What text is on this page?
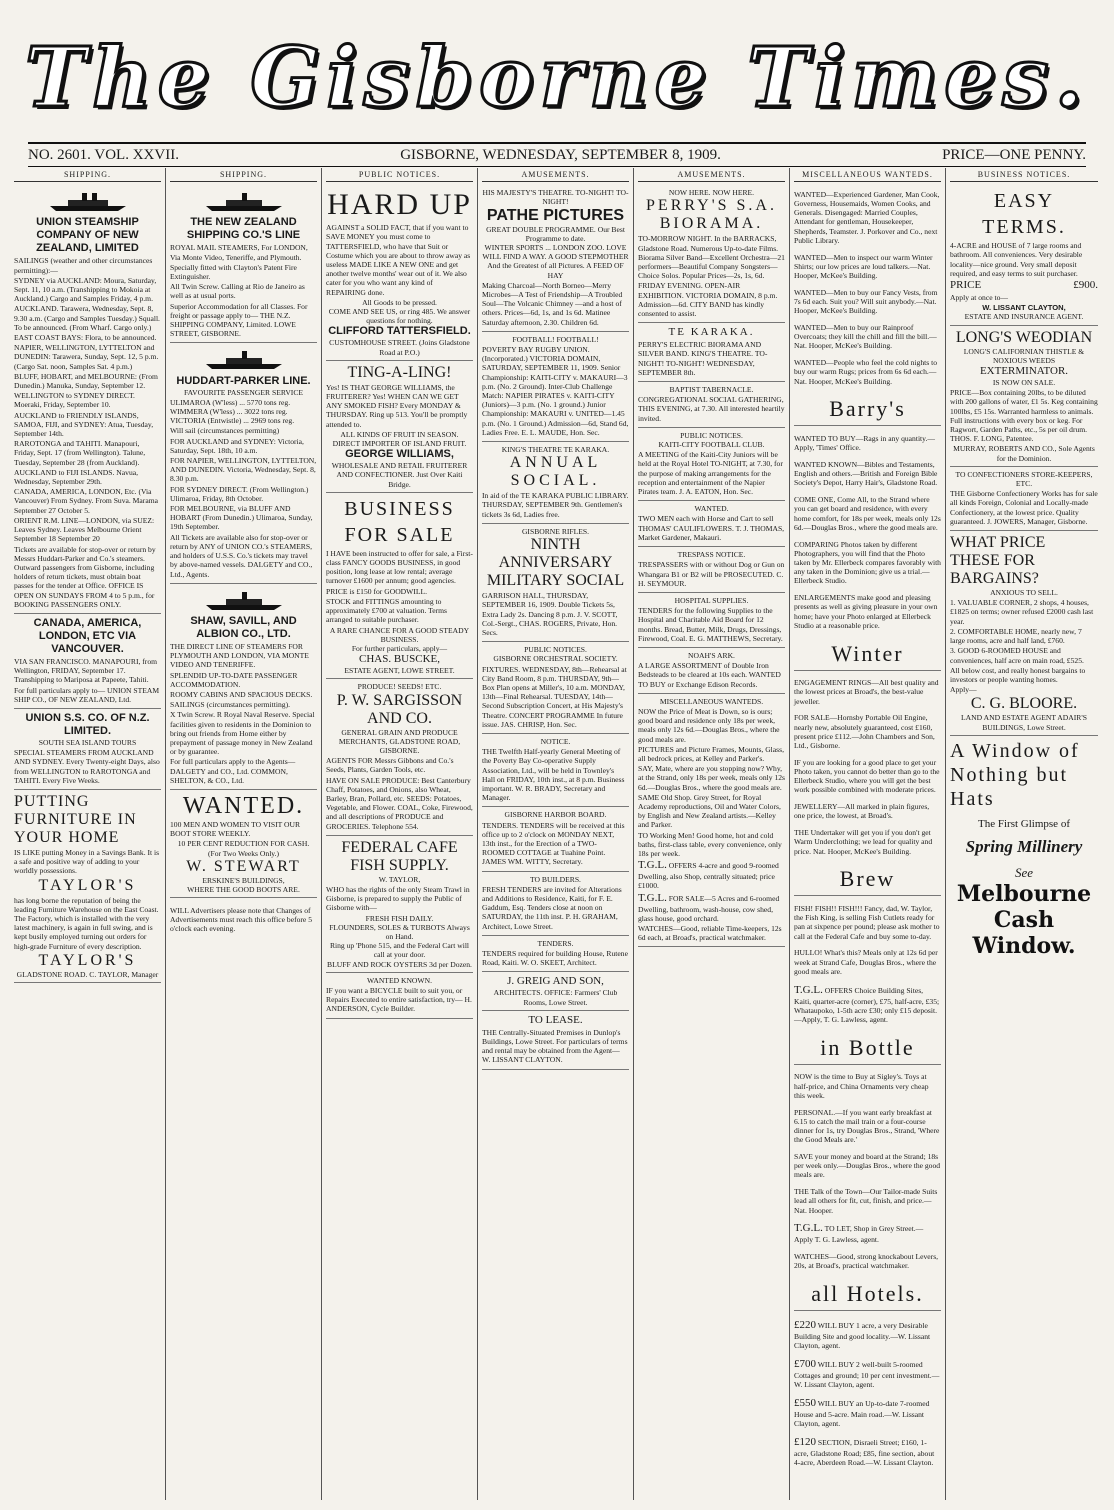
The Gisborne Times.
NO. 2601. VOL. XXVII.	GISBORNE, WEDNESDAY, SEPTEMBER 8, 1909.	PRICE—ONE PENNY.
SHIPPING.
UNION STEAMSHIP COMPANY OF NEW ZEALAND, LIMITED

SAILINGS (weather and other circumstances permitting):—

SYDNEY via AUCKLAND: Moura, Saturday, Sept. 11, 10 a.m. (Transhipping to Mokoia at Auckland.) Cargo and Samples Friday, 4 p.m.

AUCKLAND. Tarawera, Wednesday, Sept. 8, 9.30 a.m. (Cargo and Samples Tuesday.) Squall. To be announced. (From Wharf. Cargo only.)

EAST COAST BAYS: Flora, to be announced.

NAPIER, WELLINGTON, LYTTELTON and DUNEDIN: Tarawera, Sunday, Sept. 12, 5 p.m. (Cargo Sat. noon, Samples Sat. 4 p.m.)

BLUFF, HOBART, and MELBOURNE: (From Dunedin.) Manuka, Sunday, September 12.

WELLINGTON to SYDNEY DIRECT. Moeraki, Friday, September 10.

AUCKLAND to FRIENDLY ISLANDS, SAMOA, FIJI, and SYDNEY: Atua, Tuesday, September 14th.

RAROTONGA and TAHITI. Manapouri, Friday, Sept. 17 (from Wellington). Talune, Tuesday, September 28 (from Auckland).

AUCKLAND to FIJI ISLANDS. Navua, Wednesday, September 29th.

CANADA, AMERICA, LONDON, Etc. (Via Vancouver) From Sydney. From Suva. Marama September 27 October 5.

ORIENT R.M. LINE—LONDON, via SUEZ: Leaves Sydney. Leaves Melbourne Orient September 18 September 20

Tickets are available for stop-over or return by Messrs Huddart-Parker and Co.'s steamers. Outward passengers from Gisborne, including holders of return tickets, must obtain boat passes for the tender at Office. OFFICE IS OPEN ON SUNDAYS FROM 4 to 5 p.m., for BOOKING PASSENGERS ONLY.

CANADA, AMERICA, LONDON, ETC VIA VANCOUVER.

VIA SAN FRANCISCO. MANAPOURI, from Wellington, FRIDAY, September 17. Transhipping to Mariposa at Papeete, Tahiti.

For full particulars apply to— UNION STEAM SHIP CO., OF NEW ZEALAND, Ltd.

UNION S.S. CO. OF N.Z. LIMITED.
SOUTH SEA ISLAND TOURS

SPECIAL STEAMERS FROM AUCKLAND AND SYDNEY. Every Twenty-eight Days, also from WELLINGTON to RAROTONGA and TAHITI. Every Five Weeks.

PUTTING FURNITURE IN YOUR HOME

IS LIKE putting Money in a Savings Bank. It is a safe and positive way of adding to your worldly possessions.

TAYLOR'S

has long borne the reputation of being the leading Furniture Warehouse on the East Coast. The Factory, which is installed with the very latest machinery, is again in full swing, and is kept busily employed turning out orders for high-grade Furniture of every description.

TAYLOR'S
GLADSTONE ROAD. C. TAYLOR, Manager
SHIPPING.
THE NEW ZEALAND SHIPPING CO.'S LINE

ROYAL MAIL STEAMERS, For LONDON, Via Monte Video, Teneriffe, and Plymouth.

Specially fitted with Clayton's Patent Fire Extinguisher.

All Twin Screw. Calling at Rio de Janeiro as well as at usual ports.

Superior Accommodation for all Classes. For freight or passage apply to— THE N.Z. SHIPPING COMPANY, Limited. LOWE STREET, GISBORNE.

HUDDART-PARKER LINE.
FAVOURITE PASSENGER SERVICE

ULIMAROA (W'less) ... 5770 tons reg. WIMMERA (W'less) ... 3022 tons reg. VICTORIA (Entwistle) ... 2969 tons reg.

Will sail (circumstances permitting)

FOR AUCKLAND and SYDNEY: Victoria, Saturday, Sept. 18th, 10 a.m.

FOR NAPIER, WELLINGTON, LYTTELTON, AND DUNEDIN. Victoria, Wednesday, Sept. 8, 8.30 p.m.

FOR SYDNEY DIRECT. (From Wellington.) Ulimaroa, Friday, 8th October.

FOR MELBOURNE, via BLUFF AND HOBART (From Dunedin.) Ulimaroa, Sunday, 19th September.

All Tickets are available also for stop-over or return by ANY of UNION CO.'s STEAMERS, and holders of U.S.S. Co.'s tickets may travel by above-named vessels. DALGETY and CO., Ltd., Agents.

SHAW, SAVILL, AND ALBION CO., LTD.

THE DIRECT LINE OF STEAMERS FOR PLYMOUTH AND LONDON, VIA MONTE VIDEO AND TENERIFFE.

SPLENDID UP-TO-DATE PASSENGER ACCOMMODATION.

ROOMY CABINS AND SPACIOUS DECKS.

SAILINGS (circumstances permitting).

X Twin Screw. R Royal Naval Reserve. Special facilities given to residents in the Dominion to bring out friends from Home either by prepayment of passage money in New Zealand or by guarantee.

For full particulars apply to the Agents— DALGETY and CO., Ltd. COMMON, SHELTON, & CO., Ltd.

WANTED.

100 MEN AND WOMEN TO VISIT OUR BOOT STORE WEEKLY.

10 PER CENT REDUCTION FOR CASH.
(For Two Weeks Only.)
W. STEWART
ERSKINE'S BUILDINGS,
WHERE THE GOOD BOOTS ARE.

WILL Advertisers please note that Changes of Advertisements must reach this office before 5 o'clock each evening.

PUBLIC NOTICES.
HARD UP

AGAINST a SOLID FACT, that if you want to SAVE MONEY you must come to TATTERSFIELD, who have that Suit or Costume which you are about to throw away as useless MADE LIKE A NEW ONE and get another twelve months' wear out of it. We also cater for you who want any kind of REPAIRING done.

All Goods to be pressed.
COME AND SEE US, or ring 485. We answer questions for nothing.
CLIFFORD TATTERSFIELD.
CUSTOMHOUSE STREET. (Joins Gladstone Road at P.O.)
TING-A-LING!

Yes! IS THAT GEORGE WILLIAMS, the FRUITERER? Yes! WHEN CAN WE GET ANY SMOKED FISH? Every MONDAY & THURSDAY. Ring up 513. You'll be promptly attended to.

ALL KINDS OF FRUIT IN SEASON.
DIRECT IMPORTER OF ISLAND FRUIT.
GEORGE WILLIAMS,
WHOLESALE AND RETAIL FRUITERER AND CONFECTIONER. Just Over Kaiti Bridge.
BUSINESS FOR SALE

I HAVE been instructed to offer for sale, a First-class FANCY GOODS BUSINESS, in good position, long lease at low rental; average turnover £1600 per annum; good agencies.

PRICE is £150 for GOODWILL.

STOCK and FITTINGS amounting to approximately £700 at valuation. Terms arranged to suitable purchaser.

A RARE CHANCE FOR A GOOD STEADY BUSINESS.
For further particulars, apply—
CHAS. BUSCKE,
ESTATE AGENT, LOWE STREET.
PRODUCE! SEEDS! ETC.
P. W. SARGISSON AND CO.
GENERAL GRAIN AND PRODUCE MERCHANTS, GLADSTONE ROAD, GISBORNE.

AGENTS FOR Messrs Gibbons and Co.'s Seeds, Plants, Garden Tools, etc.

HAVE ON SALE PRODUCE: Best Canterbury Chaff, Potatoes, and Onions, also Wheat, Barley, Bran, Pollard, etc. SEEDS: Potatoes, Vegetable, and Flower. COAL, Coke, Firewood, and all descriptions of PRODUCE and GROCERIES. Telephone 554.

FEDERAL CAFE FISH SUPPLY.
W. TAYLOR,

WHO has the rights of the only Steam Trawl in Gisborne, is prepared to supply the Public of Gisborne with—

FRESH FISH DAILY.
FLOUNDERS, SOLES & TURBOTS Always on Hand.
Ring up 'Phone 515, and the Federal Cart will call at your door.
BLUFF AND ROCK OYSTERS 3d per Dozen.
WANTED KNOWN.

IF you want a BICYCLE built to suit you, or Repairs Executed to entire satisfaction, try— H. ANDERSON, Cycle Builder.

AMUSEMENTS.
HIS MAJESTY'S THEATRE. TO-NIGHT! TO-NIGHT!
PATHE PICTURES
GREAT DOUBLE PROGRAMME. Our Best Programme to date.
WINTER SPORTS ... LONDON ZOO. LOVE WILL FIND A WAY. A GOOD STEPMOTHER
And the Greatest of all Pictures. A FEED OF HAY

Making Charcoal—North Borneo—Merry Microbes—A Test of Friendship—A Troubled Soul—The Volcanic Chimney —and a host of others. Prices—6d, 1s, and 1s 6d. Matinee Saturday afternoon, 2.30. Children 6d.

FOOTBALL! FOOTBALL!

POVERTY BAY RUGBY UNION. (Incorporated.) VICTORIA DOMAIN, SATURDAY, SEPTEMBER 11, 1909. Senior Championship: KAITI-CITY v. MAKAURI—3 p.m. (No. 2 Ground). Inter-Club Challenge Match: NAPIER PIRATES v. KAITI-CITY (Juniors)—3 p.m. (No. 1 ground.) Junior Championship: MAKAURI v. UNITED—1.45 p.m. (No. 1 Ground.) Admission—6d, Stand 6d, Ladies Free. E. L. MAUDE, Hon. Sec.

KING'S THEATRE TE KARAKA.
ANNUAL SOCIAL.

In aid of the TE KARAKA PUBLIC LIBRARY. THURSDAY, SEPTEMBER 9th. Gentlemen's tickets 3s 6d, Ladies free.

GISBORNE RIFLES.
NINTH ANNIVERSARY MILITARY SOCIAL

GARRISON HALL, THURSDAY, SEPTEMBER 16, 1909. Double Tickets 5s, Extra Lady 2s. Dancing 8 p.m. J. V. SCOTT, Col.-Sergt., CHAS. ROGERS, Private, Hon. Secs.

PUBLIC NOTICES.
GISBORNE ORCHESTRAL SOCIETY.

FIXTURES. WEDNESDAY, 8th—Rehearsal at City Band Room, 8 p.m. THURSDAY, 9th—Box Plan opens at Miller's, 10 a.m. MONDAY, 13th—Final Rehearsal. TUESDAY, 14th—Second Subscription Concert, at His Majesty's Theatre. CONCERT PROGRAMME In future issue. JAS. CHRISP, Hon. Sec.

NOTICE.

THE Twelfth Half-yearly General Meeting of the Poverty Bay Co-operative Supply Association, Ltd., will be held in Townley's Hall on FRIDAY, 10th inst., at 8 p.m. Business important. W. R. BRADY, Secretary and Manager.

GISBORNE HARBOR BOARD.

TENDERS. TENDERS will be received at this office up to 2 o'clock on MONDAY NEXT, 13th inst., for the Erection of a TWO-ROOMED COTTAGE at Tuahine Point. JAMES WM. WITTY, Secretary.

TO BUILDERS.

FRESH TENDERS are invited for Alterations and Additions to Residence, Kaiti, for F. E. Gaddum, Esq. Tenders close at noon on SATURDAY, the 11th inst. P. H. GRAHAM, Architect, Lowe Street.

TENDERS.

TENDERS required for building House, Rutene Road, Kaiti. W. O. SKEET, Architect.

J. GREIG AND SON,
ARCHITECTS. OFFICE: Farmers' Club Rooms, Lowe Street.
TO LEASE.

THE Centrally-Situated Premises in Dunlop's Buildings, Lowe Street. For particulars of terms and rental may be obtained from the Agent— W. LISSANT CLAYTON.

AMUSEMENTS.
NOW HERE. NOW HERE.
PERRY'S S.A. BIORAMA.

TO-MORROW NIGHT. In the BARRACKS, Gladstone Road. Numerous Up-to-date Films. Biorama Silver Band—Excellent Orchestra—21 performers—Beautiful Company Songsters—Choice Solos. Popular Prices—2s, 1s, 6d.

FRIDAY EVENING. OPEN-AIR EXHIBITION. VICTORIA DOMAIN, 8 p.m. Admission—6d. CITY BAND has kindly consented to assist.

TE KARAKA.

PERRY'S ELECTRIC BIORAMA AND SILVER BAND. KING'S THEATRE. TO-NIGHT! TO-NIGHT! WEDNESDAY, SEPTEMBER 8th.

BAPTIST TABERNACLE.

CONGREGATIONAL SOCIAL GATHERING, THIS EVENING, at 7.30. All interested heartily invited.

PUBLIC NOTICES.
KAITI-CITY FOOTBALL CLUB.

A MEETING of the Kaiti-City Juniors will be held at the Royal Hotel TO-NIGHT, at 7.30, for the purpose of making arrangements for the reception and entertainment of the Napier Pirates team. J. A. EATON, Hon. Sec.

WANTED.

TWO MEN each with Horse and Cart to sell THOMAS' CAULIFLOWERS. T. J. THOMAS, Market Gardener, Makauri.

TRESPASS NOTICE.

TRESPASSERS with or without Dog or Gun on Whangara B1 or B2 will be PROSECUTED. C. H. SEYMOUR.

HOSPITAL SUPPLIES.

TENDERS for the following Supplies to the Hospital and Charitable Aid Board for 12 months. Bread, Butter, Milk, Drugs, Dressings, Firewood, Coal. E. G. MATTHEWS, Secretary.

NOAH'S ARK.

A LARGE ASSORTMENT of Double Iron Bedsteads to be cleared at 10s each. WANTED TO BUY or Exchange Edison Records.

MISCELLANEOUS WANTEDS.

NOW the Price of Meat is Down, so is ours; good board and residence only 18s per week, meals only 12s 6d.—Douglas Bros., where the good meals are.

PICTURES and Picture Frames, Mounts, Glass, all bedrock prices, at Kelley and Parker's.

SAY, Mate, where are you stopping now? Why, at the Strand, only 18s per week, meals only 12s 6d.—Douglas Bros., where the good meals are.

SAME Old Shop. Grey Street, for Royal Academy reproductions, Oil and Water Colors, by English and New Zealand artists.—Kelley and Parker.

TO Working Men! Good home, hot and cold baths, first-class table, every convenience, only 18s per week.

T.G.L. OFFERS 4-acre and good 9-roomed Dwelling, also Shop, centrally situated; price £1000.

T.G.L. FOR SALE—5 Acres and 6-roomed Dwelling, bathroom, wash-house, cow shed, glass house, good orchard.

WATCHES—Good, reliable Time-keepers, 12s 6d each, at Broad's, practical watchmaker.

MISCELLANEOUS WANTEDS.

WANTED—Experienced Gardener, Man Cook, Governess, Housemaids, Women Cooks, and Generals. Disengaged: Married Couples, Attendant for gentleman, Housekeeper, Shepherds, Teamster. J. Porkover and Co., next Public Library.

WANTED—Men to inspect our warm Winter Shirts; our low prices are loud talkers.—Nat. Hooper, McKee's Building.

WANTED—Men to buy our Fancy Vests, from 7s 6d each. Suit you? Will suit anybody.—Nat. Hooper, McKee's Building.

WANTED—Men to buy our Rainproof Overcoats; they kill the chill and fill the bill.—Nat. Hooper, McKee's Building.

WANTED—People who feel the cold nights to buy our warm Rugs; prices from 6s 6d each.—Nat. Hooper, McKee's Building.

Barry's

WANTED TO BUY—Rags in any quantity.—Apply, 'Times' Office.

WANTED KNOWN—Bibles and Testaments, English and others.—British and Foreign Bible Society's Depot, Harry Hair's, Gladstone Road.

COME ONE, Come All, to the Strand where you can get board and residence, with every home comfort, for 18s per week, meals only 12s 6d.—Douglas Bros., where the good meals are.

COMPARING Photos taken by different Photographers, you will find that the Photo taken by Mr. Ellerbeck compares favorably with any taken in the Dominion; give us a trial.—Ellerbeck Studio.

ENLARGEMENTS make good and pleasing presents as well as giving pleasure in your own home; have your Photo enlarged at Ellerbeck Studio at a reasonable price.

Winter

ENGAGEMENT RINGS—All best quality and the lowest prices at Broad's, the best-value jeweller.

FOR SALE—Hornsby Portable Oil Engine, nearly new, absolutely guaranteed, cost £160, present price £112.—John Chambers and Son, Ltd., Gisborne.

IF you are looking for a good place to get your Photo taken, you cannot do better than go to the Ellerbeck Studio, where you will get the best work possible combined with moderate prices.

JEWELLERY—All marked in plain figures, one price, the lowest, at Broad's.

THE Undertaker will get you if you don't get Warm Underclothing; we lead for quality and price. Nat. Hooper, McKee's Building.

Brew

FISH! FISH!! FISH!!! Fancy, dad, W. Taylor, the Fish King, is selling Fish Cutlets ready for pan at sixpence per pound; please ask mother to call at the Federal Cafe and buy some to-day.

HULLO! What's this? Meals only at 12s 6d per week at Strand Cafe, Douglas Bros., where the good meals are.

T.G.L. OFFERS Choice Building Sites, Kaiti, quarter-acre (corner), £75, half-acre, £35; Whataupoko, 1-5th acre £30; only £15 deposit.—Apply, T. G. Lawless, agent.

in Bottle

NOW is the time to Buy at Sigley's. Toys at half-price, and China Ornaments very cheap this week.

PERSONAL.—If you want early breakfast at 6.15 to catch the mail train or a four-course dinner for 1s, try Douglas Bros., Strand, 'Where the Good Meals are.'

SAVE your money and board at the Strand; 18s per week only.—Douglas Bros., where the good meals are.

THE Talk of the Town—Our Tailor-made Suits lead all others for fit, cut, finish, and price.—Nat. Hooper.

T.G.L. TO LET, Shop in Grey Street.—Apply T. G. Lawless, agent.

WATCHES—Good, strong knockabout Levers, 20s, at Broad's, practical watchmaker.

all Hotels.

£220 WILL BUY 1 acre, a very Desirable Building Site and good locality.—W. Lissant Clayton, agent.

£700 WILL BUY 2 well-built 5-roomed Cottages and ground; 10 per cent investment.—W. Lissant Clayton, agent.

£550 WILL BUY an Up-to-date 7-roomed House and 5-acre. Main road.—W. Lissant Clayton, agent.

£120 SECTION, Disraeli Street; £160, 1-acre, Gladstone Road; £85, fine section, about 4-acre, Aberdeen Road.—W. Lissant Clayton.

BUSINESS NOTICES.
EASY TERMS.

4-ACRE and HOUSE of 7 large rooms and bathroom. All conveniences. Very desirable locality—nice ground. Very small deposit required, and easy terms to suit purchaser.

PRICE	£900.

Apply at once to—

W. LISSANT CLAYTON,
ESTATE AND INSURANCE AGENT.
LONG'S WEODIAN
LONG'S CALIFORNIAN THISTLE & NOXIOUS WEEDS
EXTERMINATOR.
IS NOW ON SALE.

PRICE—Box containing 20lbs, to be diluted with 200 gallons of water, £1 5s. Keg containing 100lbs, £5 15s. Warranted harmless to animals. Full instructions with every box or keg. For Ragwort, Garden Paths, etc., 5s per oil drum. THOS. F. LONG, Patentee.

MURRAY, ROBERTS AND CO., Sole Agents for the Dominion.
TO CONFECTIONERS STORE-KEEPERS, ETC.

THE Gisborne Confectionery Works has for sale all kinds Foreign, Colonial and Locally-made Confectionery, at the lowest price. Quality guaranteed. J. JOWERS, Manager, Gisborne.

WHAT PRICE THESE FOR BARGAINS?
ANXIOUS TO SELL.

1. VALUABLE CORNER, 2 shops, 4 houses, £1825 on terms; owner refused £2000 cash last year.

2. COMFORTABLE HOME, nearly new, 7 large rooms, acre and half land, £760.

3. GOOD 6-ROOMED HOUSE and conveniences, half acre on main road, £525.

All below cost, and really honest bargains to investors or people wanting homes.

Apply—

C. G. BLOORE.
LAND AND ESTATE AGENT ADAIR'S BUILDINGS, Lowe Street.
A Window of Nothing but Hats
The First Glimpse of
Spring Millinery
See
Melbourne Cash Window.
